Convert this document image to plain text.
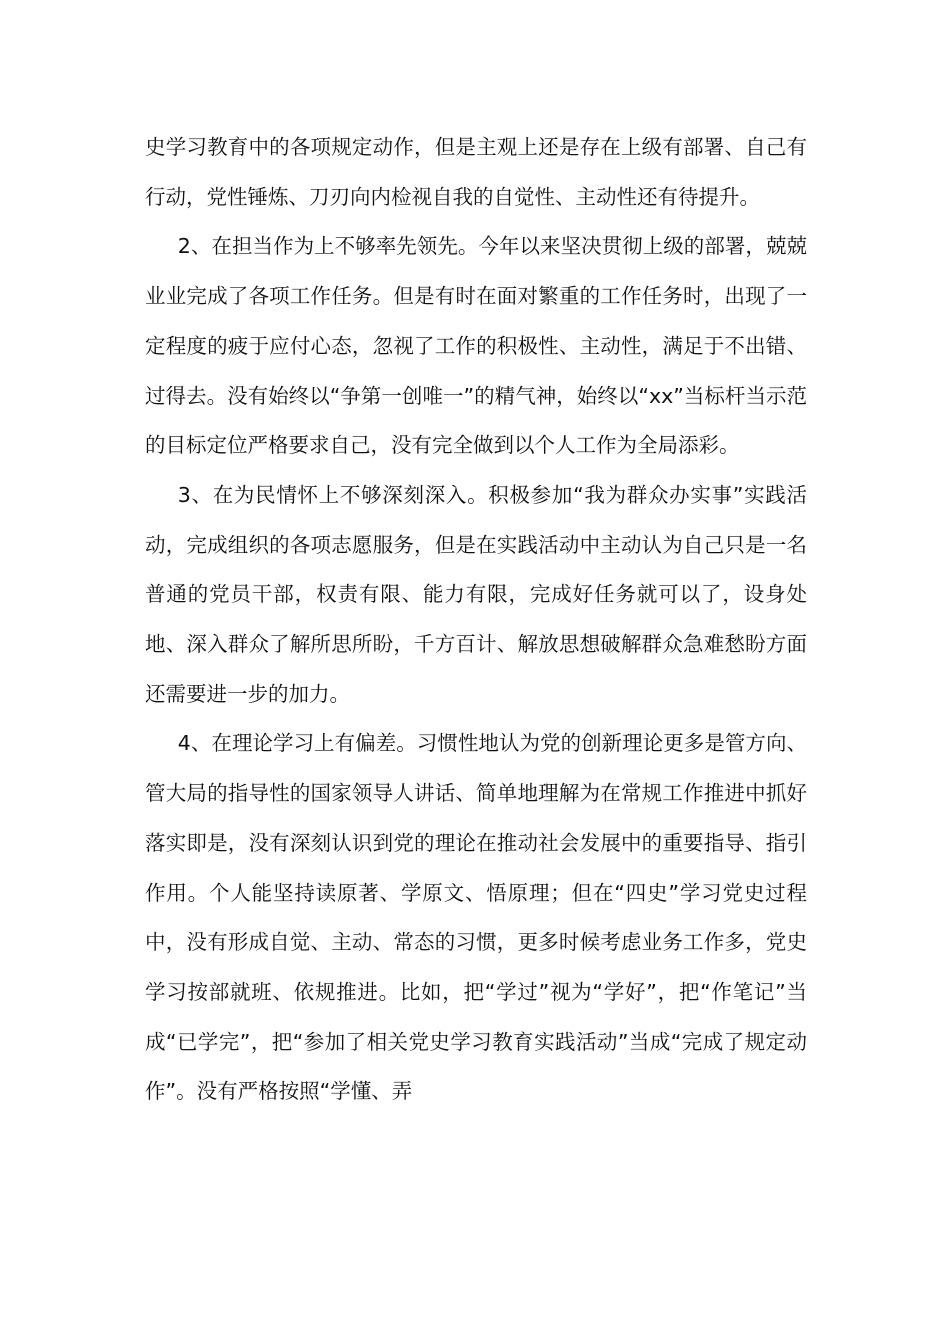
史学习教育中的各项规定动作，但是主观上还是存在上级有部署、自己有行动，党性锤炼、刀刃向内检视自我的自觉性、主动性还有待提升。

2、在担当作为上不够率先领先。今年以来坚决贯彻上级的部署，兢兢业业完成了各项工作任务。但是有时在面对繁重的工作任务时，出现了一定程度的疲于应付心态，忽视了工作的积极性、主动性，满足于不出错、过得去。没有始终以“争第一创唯一”的精气神，始终以“xx”当标杆当示范的目标定位严格要求自己，没有完全做到以个人工作为全局添彩。

3、在为民情怀上不够深刻深入。积极参加“我为群众办实事”实践活动，完成组织的各项志愿服务，但是在实践活动中主动认为自己只是一名普通的党员干部，权责有限、能力有限，完成好任务就可以了，设身处地、深入群众了解所思所盼，千方百计、解放思想破解群众急难愁盼方面还需要进一步的加力。

4、在理论学习上有偏差。习惯性地认为党的创新理论更多是管方向、管大局的指导性的国家领导人讲话、简单地理解为在常规工作推进中抓好落实即是，没有深刻认识到党的理论在推动社会发展中的重要指导、指引作用。个人能坚持读原著、学原文、悟原理；但在“四史”学习党史过程中，没有形成自觉、主动、常态的习惯，更多时候考虑业务工作多，党史学习按部就班、依规推进。比如，把“学过”视为“学好”，把“作笔记”当成“已学完”，把“参加了相关党史学习教育实践活动”当成“完成了规定动作”。没有严格按照“学懂、弄
